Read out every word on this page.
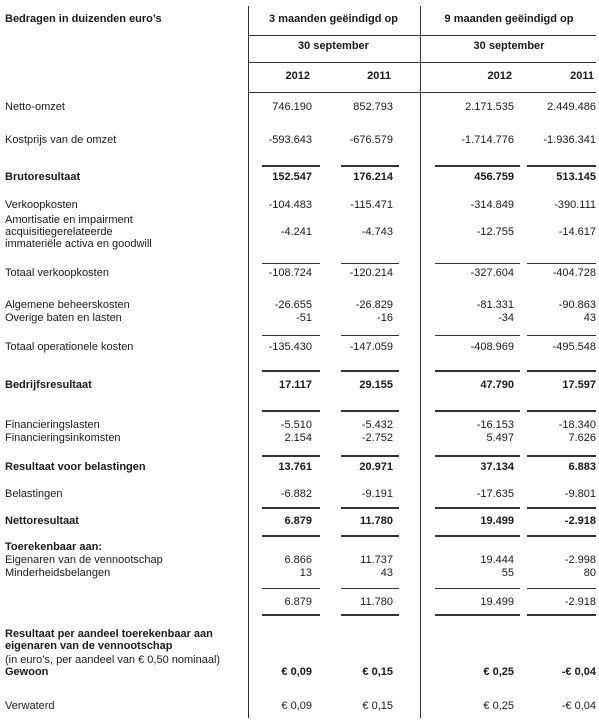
Bedragen in duizenden euro’s	3 maanden geëindigd op	9 maanden geëindigd op
30 september	30 september
2012	2011	2012	2011
Netto-omzet	746.190	852.793	2.171.535	2.449.486
Kostprijs van de omzet	-593.643	-676.579	-1.714.776	-1.936.341
Brutoresultaat	152.547	176.214	456.759	513.145
Verkoopkosten	-104.483	-115.471	-314.849	-390.111
Amortisatie en impairment
acquisitiegerelateerde
immateriële activa en goodwill
-4.241	-4.743	-12.755	-14.617
Totaal verkoopkosten	-108.724	-120.214	-327.604	-404.728
Algemene beheerskosten	-26.655	-26.829	-81.331	-90.863
Overige baten en lasten	-51	-16	-34	43
Totaal operationele kosten	-135.430	-147.059	-408.969	-495.548
Bedrijfsresultaat	17.117	29.155	47.790	17.597
Financieringslasten	-5.510	-5.432	-16.153	-18.340
Financieringsinkomsten	2.154	-2.752	5.497	7.626
Resultaat voor belastingen	13.761	20.971	37.134	6.883
Belastingen	-6.882	-9.191	-17.635	-9.801
Nettoresultaat	6.879	11.780	19.499	-2.918
Toerekenbaar aan:
Eigenaren van de vennootschap	6.866	11.737	19.444	-2.998
Minderheidsbelangen	13	43	55	80
6.879	11.780	19.499	-2.918
Resultaat per aandeel toerekenbaar aan
eigenaren van de vennootschap
(in euro’s, per aandeel van € 0,50 nominaal)
Gewoon	€ 0,09	€ 0,15	€ 0,25	-€ 0,04
Verwaterd	€ 0,09	€ 0,15	€ 0,25	-€ 0,04
